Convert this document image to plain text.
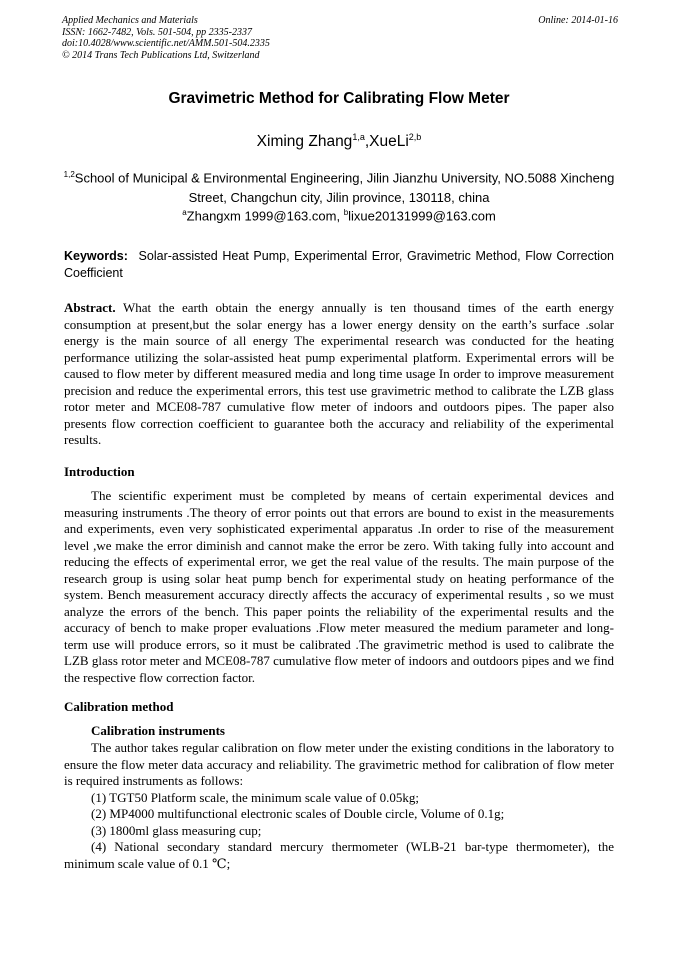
Applied Mechanics and Materials
ISSN: 1662-7482, Vols. 501-504, pp 2335-2337
doi:10.4028/www.scientific.net/AMM.501-504.2335
© 2014 Trans Tech Publications Ltd, Switzerland
Online: 2014-01-16
Gravimetric Method for Calibrating Flow Meter
Ximing Zhang$^{1,a}$,XueLi$^{2,b}$
$^{1,2}$School of Municipal & Environmental Engineering, Jilin Jianzhu University, NO.5088 Xincheng Street, Changchun city, Jilin province, 130118, china
$^a$Zhangxm 1999@163.com, $^b$lixue20131999@163.com
Keywords: Solar-assisted Heat Pump, Experimental Error, Gravimetric Method, Flow Correction Coefficient
Abstract. What the earth obtain the energy annually is ten thousand times of the earth energy consumption at present,but the solar energy has a lower energy density on the earth’s surface .solar energy is the main source of all energy The experimental research was conducted for the heating performance utilizing the solar-assisted heat pump experimental platform. Experimental errors will be caused to flow meter by different measured media and long time usage In order to improve measurement precision and reduce the experimental errors, this test use gravimetric method to calibrate the LZB glass rotor meter and MCE08-787 cumulative flow meter of indoors and outdoors pipes. The paper also presents flow correction coefficient to guarantee both the accuracy and reliability of the experimental results.
Introduction
The scientific experiment must be completed by means of certain experimental devices and measuring instruments .The theory of error points out that errors are bound to exist in the measurements and experiments, even very sophisticated experimental apparatus .In order to rise of the measurement level ,we make the error diminish and cannot make the error be zero. With taking fully into account and reducing the effects of experimental error, we get the real value of the results. The main purpose of the research group is using solar heat pump bench for experimental study on heating performance of the system. Bench measurement accuracy directly affects the accuracy of experimental results , so we must analyze the errors of the bench. This paper points the reliability of the experimental results and the accuracy of bench to make proper evaluations .Flow meter measured the medium parameter and long-term use will produce errors, so it must be calibrated .The gravimetric method is used to calibrate the LZB glass rotor meter and MCE08-787 cumulative flow meter of indoors and outdoors pipes and we find the respective flow correction factor.
Calibration method
Calibration instruments

The author takes regular calibration on flow meter under the existing conditions in the laboratory to ensure the flow meter data accuracy and reliability. The gravimetric method for calibration of flow meter is required instruments as follows:

(1) TGT50 Platform scale, the minimum scale value of 0.05kg;

(2) MP4000 multifunctional electronic scales of Double circle, Volume of 0.1g;

(3) 1800ml glass measuring cup;

(4) National secondary standard mercury thermometer (WLB-21 bar-type thermometer), the minimum scale value of 0.1 ℃;
